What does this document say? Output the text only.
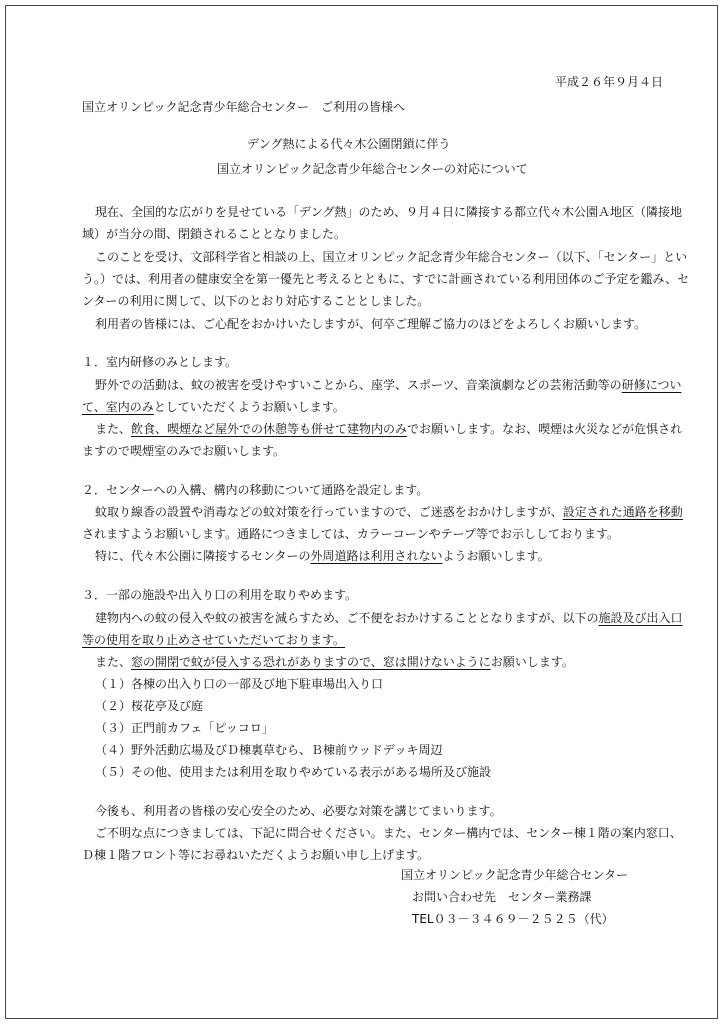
平成２６年９月４日
国立オリンピック記念青少年総合センター　ご利用の皆様へ
デング熱による代々木公園閉鎖に伴う
国立オリンピック記念青少年総合センターの対応について
現在、全国的な広がりを見せている「デング熱」のため、９月４日に隣接する都立代々木公園Ａ地区（隣接地
域）が当分の間、閉鎖されることとなりました。
このことを受け、文部科学省と相談の上、国立オリンピック記念青少年総合センター（以下、「センター」とい
う。）では、利用者の健康安全を第一優先と考えるとともに、すでに計画されている利用団体のご予定を鑑み、セ
ンターの利用に関して、以下のとおり対応することとしました。
利用者の皆様には、ご心配をおかけいたしますが、何卒ご理解ご協力のほどをよろしくお願いします。
１．室内研修のみとします。
野外での活動は、蚊の被害を受けやすいことから、座学、スポーツ、音楽演劇などの芸術活動等の研修につい
て、室内のみとしていただくようお願いします。
また、飲食、喫煙など屋外での休憩等も併せて建物内のみでお願いします。なお、喫煙は火災などが危惧され
ますので喫煙室のみでお願いします。
２．センターへの入構、構内の移動について通路を設定します。
蚊取り線香の設置や消毒などの蚊対策を行っていますので、ご迷惑をおかけしますが、設定された通路を移動
されますようお願いします。通路につきましては、カラーコーンやテープ等でお示ししております。
特に、代々木公園に隣接するセンターの外周道路は利用されないようお願いします。
３．一部の施設や出入り口の利用を取りやめます。
建物内への蚊の侵入や蚊の被害を減らすため、ご不便をおかけすることとなりますが、以下の施設及び出入口
等の使用を取り止めさせていただいております。
また、窓の開閉で蚊が侵入する恐れがありますので、窓は開けないようにお願いします。
（１）各棟の出入り口の一部及び地下駐車場出入り口
（２）桜花亭及び庭
（３）正門前カフェ「ピッコロ」
（４）野外活動広場及びＤ棟裏草むら、Ｂ棟前ウッドデッキ周辺
（５）その他、使用または利用を取りやめている表示がある場所及び施設
今後も、利用者の皆様の安心安全のため、必要な対策を講じてまいります。
ご不明な点につきましては、下記に問合せください。また、センター構内では、センター棟１階の案内窓口、
Ｄ棟１階フロント等にお尋ねいただくようお願い申し上げます。
国立オリンピック記念青少年総合センター
お問い合わせ先　センター業務課
TEL０３－３４６９－２５２５（代）
